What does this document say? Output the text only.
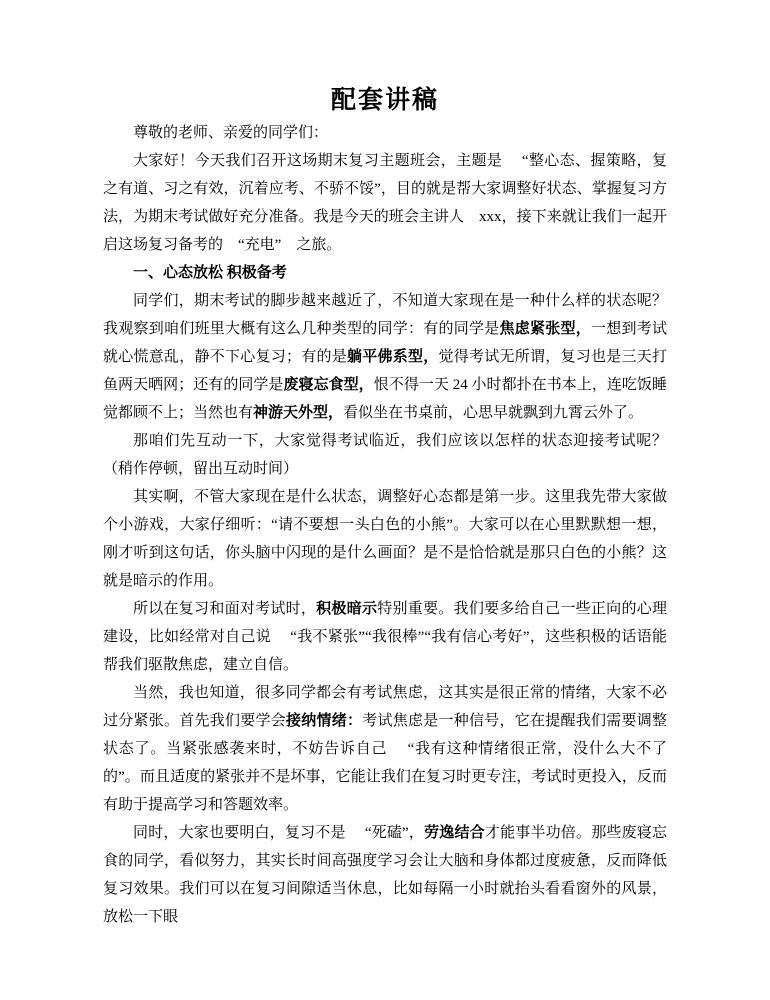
配套讲稿

尊敬的老师、亲爱的同学们：

大家好！今天我们召开这场期末复习主题班会，主题是 　“整心态、握策略，复之有道、习之有效，沉着应考、不骄不馁”，目的就是帮大家调整好状态、掌握复习方法，为期末考试做好充分准备。我是今天的班会主讲人　xxx，接下来就让我们一起开启这场复习备考的　“充电”　之旅。

一、心态放松 积极备考

同学们，期末考试的脚步越来越近了，不知道大家现在是一种什么样的状态呢？我观察到咱们班里大概有这么几种类型的同学：有的同学是焦虑紧张型，一想到考试就心慌意乱，静不下心复习；有的是躺平佛系型，觉得考试无所谓，复习也是三天打鱼两天晒网；还有的同学是废寝忘食型，恨不得一天 24 小时都扑在书本上，连吃饭睡觉都顾不上；当然也有神游天外型，看似坐在书桌前，心思早就飘到九霄云外了。

那咱们先互动一下，大家觉得考试临近，我们应该以怎样的状态迎接考试呢？（稍作停顿，留出互动时间）

其实啊，不管大家现在是什么状态，调整好心态都是第一步。这里我先带大家做个小游戏，大家仔细听：“请不要想一头白色的小熊”。大家可以在心里默默想一想，刚才听到这句话，你头脑中闪现的是什么画面？是不是恰恰就是那只白色的小熊？这就是暗示的作用。

所以在复习和面对考试时，积极暗示特别重要。我们要多给自己一些正向的心理建设，比如经常对自己说 　“我不紧张”“我很棒”“我有信心考好”，这些积极的话语能帮我们驱散焦虑，建立自信。

当然，我也知道，很多同学都会有考试焦虑，这其实是很正常的情绪，大家不必过分紧张。首先我们要学会接纳情绪：考试焦虑是一种信号，它在提醒我们需要调整状态了。当紧张感袭来时，不妨告诉自己 　“我有这种情绪很正常，没什么大不了的”。而且适度的紧张并不是坏事，它能让我们在复习时更专注，考试时更投入，反而有助于提高学习和答题效率。

同时，大家也要明白，复习不是 　“死磕”，劳逸结合才能事半功倍。那些废寝忘食的同学，看似努力，其实长时间高强度学习会让大脑和身体都过度疲惫，反而降低复习效果。我们可以在复习间隙适当休息，比如每隔一小时就抬头看看窗外的风景，放松一下眼
